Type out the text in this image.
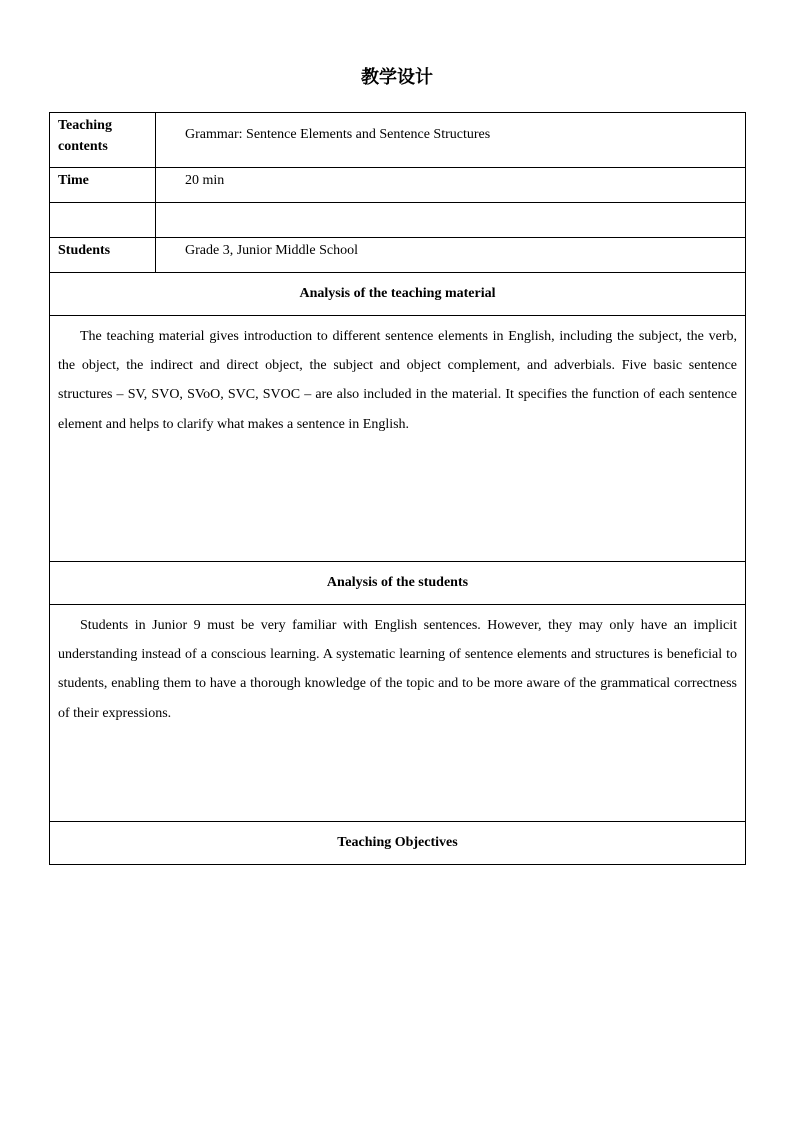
教学设计
Teaching contents	Grammar: Sentence Elements and Sentence Structures
Time	20 min

Students	Grade 3, Junior Middle School
Analysis of the teaching material	
The teaching material gives introduction to different sentence elements in English, including the subject, the verb, the object, the indirect and direct object, the subject and object complement, and adverbials. Five basic sentence structures – SV, SVO, SVoO, SVC, SVOC – are also included in the material. It specifies the function of each sentence element and helps to clarify what makes a sentence in English.	
Analysis of the students	
Students in Junior 9 must be very familiar with English sentences. However, they may only have an implicit understanding instead of a conscious learning. A systematic learning of sentence elements and structures is beneficial to students, enabling them to have a thorough knowledge of the topic and to be more aware of the grammatical correctness of their expressions.	
Teaching Objectives	
